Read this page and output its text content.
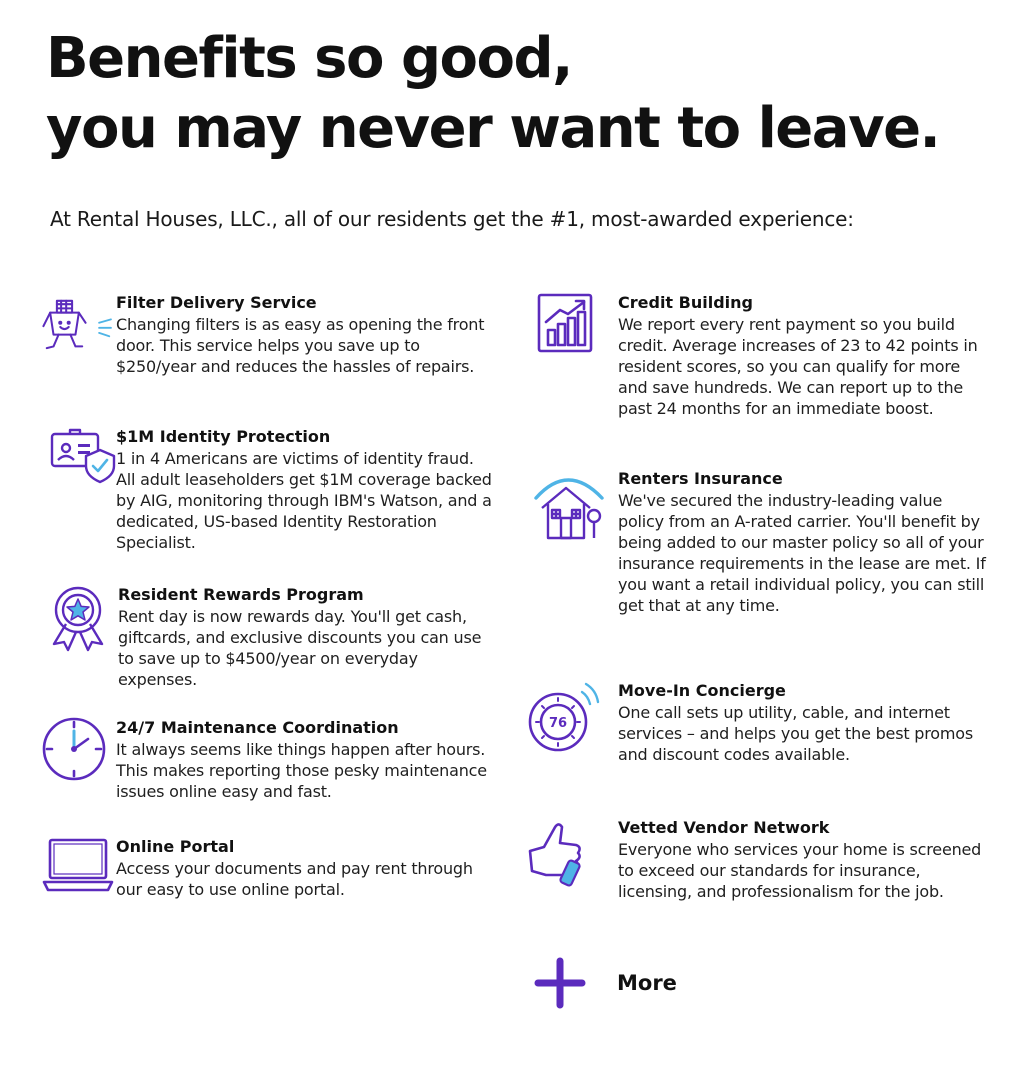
Benefits so good,
you may never want to leave.

At Rental Houses, LLC., all of our residents get the #1, most-awarded experience:

Filter Delivery Service

Changing filters is as easy as opening the front door. This service helps you save up to $250/year and reduces the hassles of repairs.

$1M Identity Protection

1 in 4 Americans are victims of identity fraud. All adult leaseholders get $1M coverage backed by AIG, monitoring through IBM's Watson, and a dedicated, US-based Identity Restoration Specialist.

Resident Rewards Program

Rent day is now rewards day. You'll get cash, giftcards, and exclusive discounts you can use to save up to $4500/year on everyday expenses.

24/7 Maintenance Coordination

It always seems like things happen after hours. This makes reporting those pesky maintenance issues online easy and fast.

Online Portal

Access your documents and pay rent through our easy to use online portal.

Credit Building

We report every rent payment so you build credit. Average increases of 23 to 42 points in resident scores, so you can qualify for more and save hundreds. We can report up to the past 24 months for an immediate boost.

Renters Insurance

We've secured the industry-leading value policy from an A-rated carrier. You'll benefit by being added to our master policy so all of your insurance requirements in the lease are met. If you want a retail individual policy, you can still get that at any time.

76

Move-In Concierge

One call sets up utility, cable, and internet services – and helps you get the best promos and discount codes available.

Vetted Vendor Network

Everyone who services your home is screened to exceed our standards for insurance, licensing, and professionalism for the job.

More
